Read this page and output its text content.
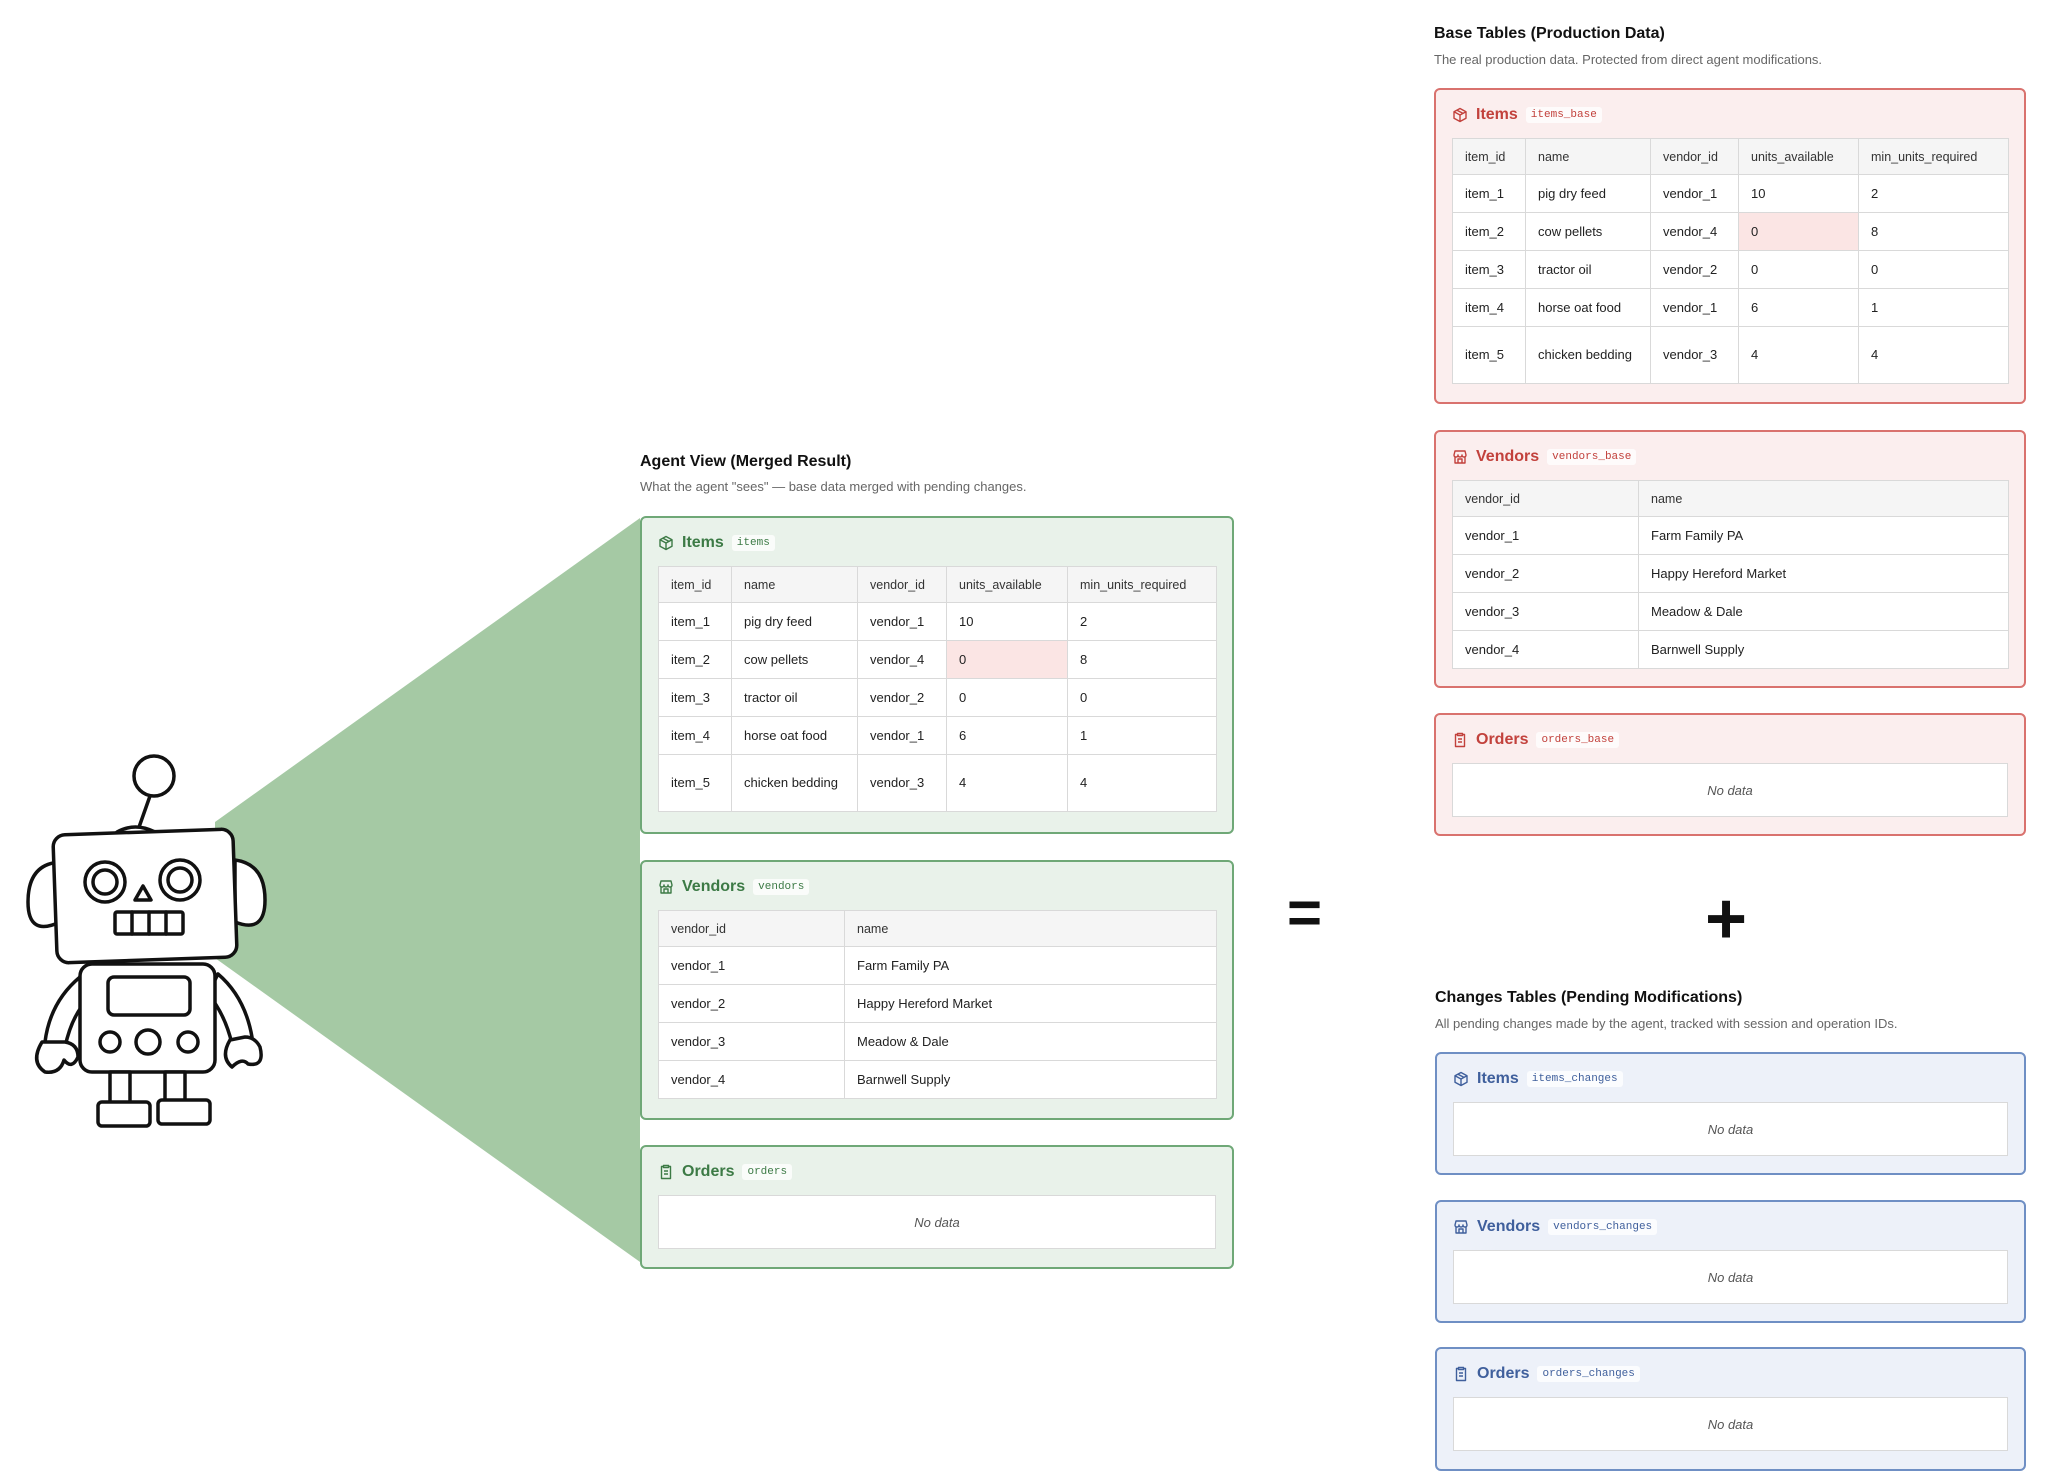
Agent View (Merged Result)
What the agent "sees" — base data merged with pending changes.
Items	items
item_id	name	vendor_id	units_available	min_units_required
item_1	pig dry feed	vendor_1	10	2
item_2	cow pellets	vendor_4	0	8
item_3	tractor oil	vendor_2	0	0
item_4	horse oat food	vendor_1	6	1
item_5	chicken bedding	vendor_3	4	4
Vendors	vendors
vendor_id	name
vendor_1	Farm Family PA
vendor_2	Happy Hereford Market
vendor_3	Meadow & Dale
vendor_4	Barnwell Supply
Orders	orders
No data
=	+
Base Tables (Production Data)
The real production data. Protected from direct agent modifications.
Items	items_base
item_id	name	vendor_id	units_available	min_units_required
item_1	pig dry feed	vendor_1	10	2
item_2	cow pellets	vendor_4	0	8
item_3	tractor oil	vendor_2	0	0
item_4	horse oat food	vendor_1	6	1
item_5	chicken bedding	vendor_3	4	4
Vendors	vendors_base
vendor_id	name
vendor_1	Farm Family PA
vendor_2	Happy Hereford Market
vendor_3	Meadow & Dale
vendor_4	Barnwell Supply
Orders	orders_base
No data
Changes Tables (Pending Modifications)
All pending changes made by the agent, tracked with session and operation IDs.
Items	items_changes
No data
Vendors	vendors_changes
No data
Orders	orders_changes
No data
